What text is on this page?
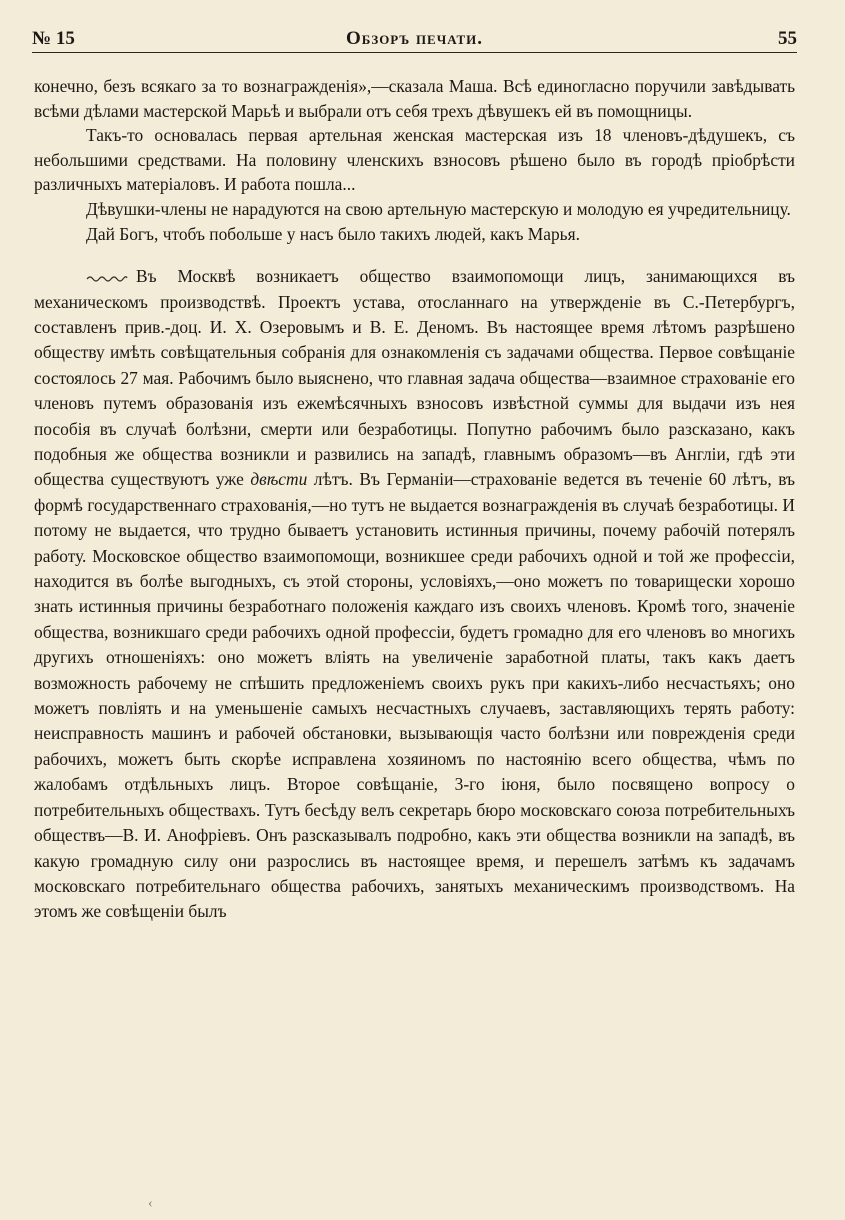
№ 15	Обзоръ печати.	55

конечно, безъ всякаго за то вознагражденія»,—сказала Маша. Всѣ единогласно поручили завѣдывать всѣми дѣлами мастерской Марьѣ и выбрали отъ себя трехъ дѣвушекъ ей въ помощницы.

Такъ-то основалась первая артельная женская мастерская изъ 18 членовъ-дѣдушекъ, съ небольшими средствами. На половину членскихъ взносовъ рѣшено было въ городѣ пріобрѣсти различныхъ матеріаловъ. И работа пошла...

Дѣвушки-члены не нарадуются на свою артельную мастерскую и молодую ея учредительницу.

Дай Богъ, чтобъ побольше у насъ было такихъ людей, какъ Марья.

Въ Москвѣ возникаетъ общество взаимопомощи лицъ, занимающихся въ механическомъ производствѣ. Проектъ устава, отосланнаго на утвержденіе въ С.-Петербургъ, составленъ прив.-доц. И. Х. Озеровымъ и В. Е. Деномъ. Въ настоящее время лѣтомъ разрѣшено обществу имѣть совѣщательныя собранія для ознакомленія съ задачами общества. Первое совѣщаніе состоялось 27 мая. Рабочимъ было выяснено, что главная задача общества—взаимное страхованіе его членовъ путемъ образованія изъ ежемѣсячныхъ взносовъ извѣстной суммы для выдачи изъ нея пособія въ случаѣ болѣзни, смерти или безработицы. Попутно рабочимъ было разсказано, какъ подобныя же общества возникли и развились на западѣ, главнымъ образомъ—въ Англіи, гдѣ эти общества существуютъ уже двѣсти лѣтъ. Въ Германіи—страхованіе ведется въ теченіе 60 лѣтъ, въ формѣ государственнаго страхованія,—но тутъ не выдается вознагражденія въ случаѣ безработицы. И потому не выдается, что трудно бываетъ установить истинныя причины, почему рабочій потерялъ работу. Московское общество взаимопомощи, возникшее среди рабочихъ одной и той же профессіи, находится въ болѣе выгодныхъ, съ этой стороны, условіяхъ,—оно можетъ по товарищески хорошо знать истинныя причины безработнаго положенія каждаго изъ своихъ членовъ. Кромѣ того, значеніе общества, возникшаго среди рабочихъ одной профессіи, будетъ громадно для его членовъ во многихъ другихъ отношеніяхъ: оно можетъ вліять на увеличеніе заработной платы, такъ какъ даетъ возможность рабочему не спѣшить предложеніемъ своихъ рукъ при какихъ-либо несчастьяхъ; оно можетъ повліять и на уменьшеніе самыхъ несчастныхъ случаевъ, заставляющихъ терять работу: неисправность машинъ и рабочей обстановки, вызывающія часто болѣзни или поврежденія среди рабочихъ, можетъ быть скорѣе исправлена хозяиномъ по настоянію всего общества, чѣмъ по жалобамъ отдѣльныхъ лицъ. Второе совѣщаніе, 3-го іюня, было посвящено вопросу о потребительныхъ обществахъ. Тутъ бесѣду велъ секретарь бюро московскаго союза потребительныхъ обществъ—В. И. Анофріевъ. Онъ разсказывалъ подробно, какъ эти общества возникли на западѣ, въ какую громадную силу они разрослись въ настоящее время, и перешелъ затѣмъ къ задачамъ московскаго потребительнаго общества рабочихъ, занятыхъ механическимъ производствомъ. На этомъ же совѣщеніи былъ

‹
